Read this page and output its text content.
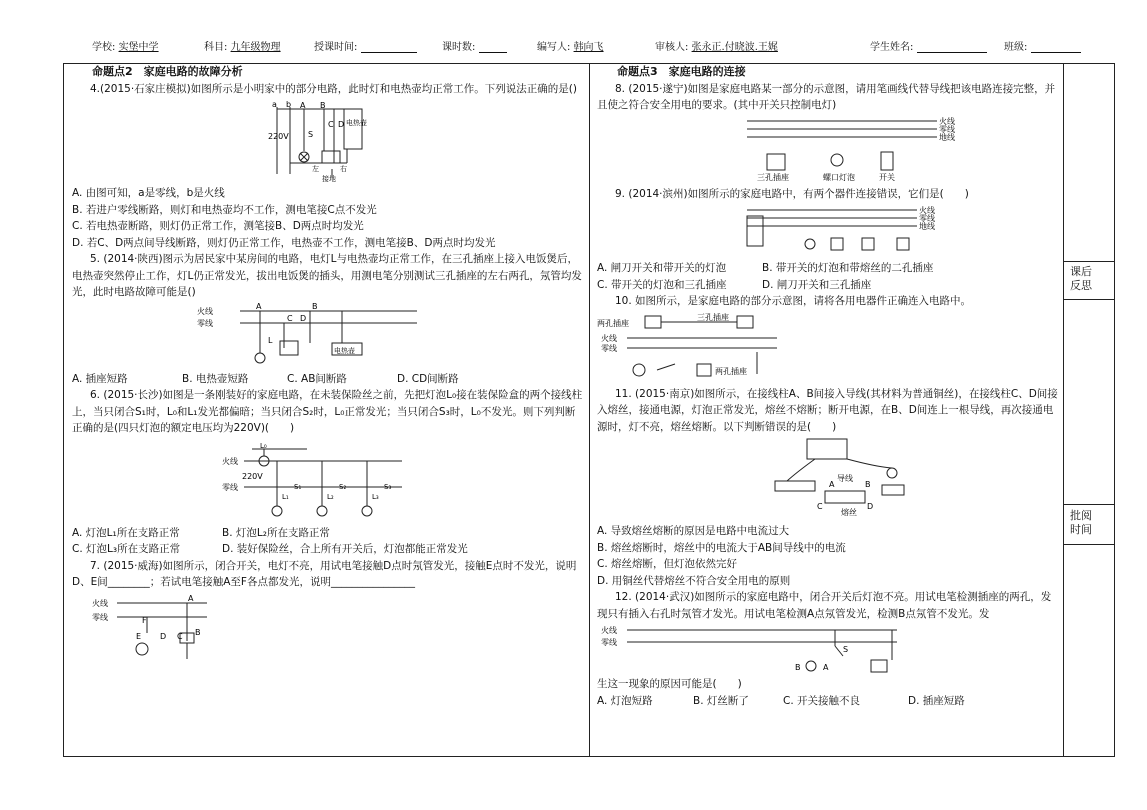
学校: 实堡中学	科目: 九年级物理	授课时间:	课时数:	编写人: 韩向飞	审核人: 张永正.付晓波.王娓	学生姓名:	班级:
课后反思
批阅时间

命题点2　家庭电路的故障分析

4.(2015·石家庄模拟)如图所示是小明家中的部分电路，此时灯和电热壶均正常工作。下列说法正确的是()

220V
a b A B
S
C D 电热壶
左	右
接地

A. 由图可知，a是零线，b是火线

B. 若进户零线断路，则灯和电热壶均不工作，测电笔接C点不发光

C. 若电热壶断路，则灯仍正常工作，测笔接B、D两点时均发光

D. 若C、D两点间导线断路，则灯仍正常工作，电热壶不工作，测电笔接B、D两点时均发光

5. (2014·陕西)图示为居民家中某房间的电路，电灯L与电热壶均正常工作，在三孔插座上接入电饭煲后，电热壶突然停止工作，灯L仍正常发光，拔出电饭煲的插头，用测电笔分别测试三孔插座的左右两孔，氖管均发光，此时电路故障可能是()

火线
零线
A	B
C D
L
电热壶

A. 插座短路	B. 电热壶短路	C. AB间断路	D. CD间断路

6. (2015·长沙)如图是一条刚装好的家庭电路，在未装保险丝之前，先把灯泡L₀接在装保险盒的两个接线柱上，当只闭合S₁时，L₀和L₁发光都偏暗；当只闭合S₂时，L₀正常发光；当只闭合S₃时，L₀不发光。则下列判断正确的是(四只灯泡的额定电压均为220V)(　　)

火线
零线
220V
L₀
L₁	L₂	L₃
S₁	S₂	S₃

A. 灯泡L₁所在支路正常	B. 灯泡L₂所在支路正常

C. 灯泡L₃所在支路正常	D. 装好保险丝，合上所有开关后，灯泡都能正常发光

7. (2015·威海)如图所示，闭合开关，电灯不亮，用试电笔接触D点时氖管发光，接触E点时不发光，说明D、E间________；若试电笔接触A至F各点都发光，说明________________

火线
零线
A
B
C
D
E
F

命题点3　家庭电路的连接

8. (2015·遂宁)如图是家庭电路某一部分的示意图，请用笔画线代替导线把该电路连接完整，并且使之符合安全用电的要求。(其中开关只控制电灯)

火线
零线
地线
三孔插座	螺口灯泡	开关

9. (2014·滨州)如图所示的家庭电路中，有两个器件连接错误，它们是(　　)

火线
零线
地线

A. 闸刀开关和带开关的灯泡	B. 带开关的灯泡和带熔丝的二孔插座

C. 带开关的灯泡和三孔插座	D. 闸刀开关和三孔插座

10. 如图所示，是家庭电路的部分示意图，请将各用电器件正确连入电路中。

两孔插座
三孔插座
火线
零线
两孔插座

11. (2015·南京)如图所示，在接线柱A、B间接入导线(其材料为普通铜丝)，在接线柱C、D间接入熔丝，接通电源，灯泡正常发光，熔丝不熔断；断开电源，在B、D间连上一根导线，再次接通电源时，灯不亮，熔丝熔断。以下判断错误的是(　　)

导线
熔丝
A	B
C	D

A. 导致熔丝熔断的原因是电路中电流过大

B. 熔丝熔断时，熔丝中的电流大于AB间导线中的电流

C. 熔丝熔断，但灯泡依然完好

D. 用铜丝代替熔丝不符合安全用电的原则

12. (2014·武汉)如图所示的家庭电路中，闭合开关后灯泡不亮。用试电笔检测插座的两孔，发现只有插入右孔时氖管才发光。用试电笔检测A点氖管发光，检测B点氖管不发光。发

火线
零线
A
B
S

生这一现象的原因可能是(　　)

A. 灯泡短路	B. 灯丝断了	C. 开关接触不良	D. 插座短路
